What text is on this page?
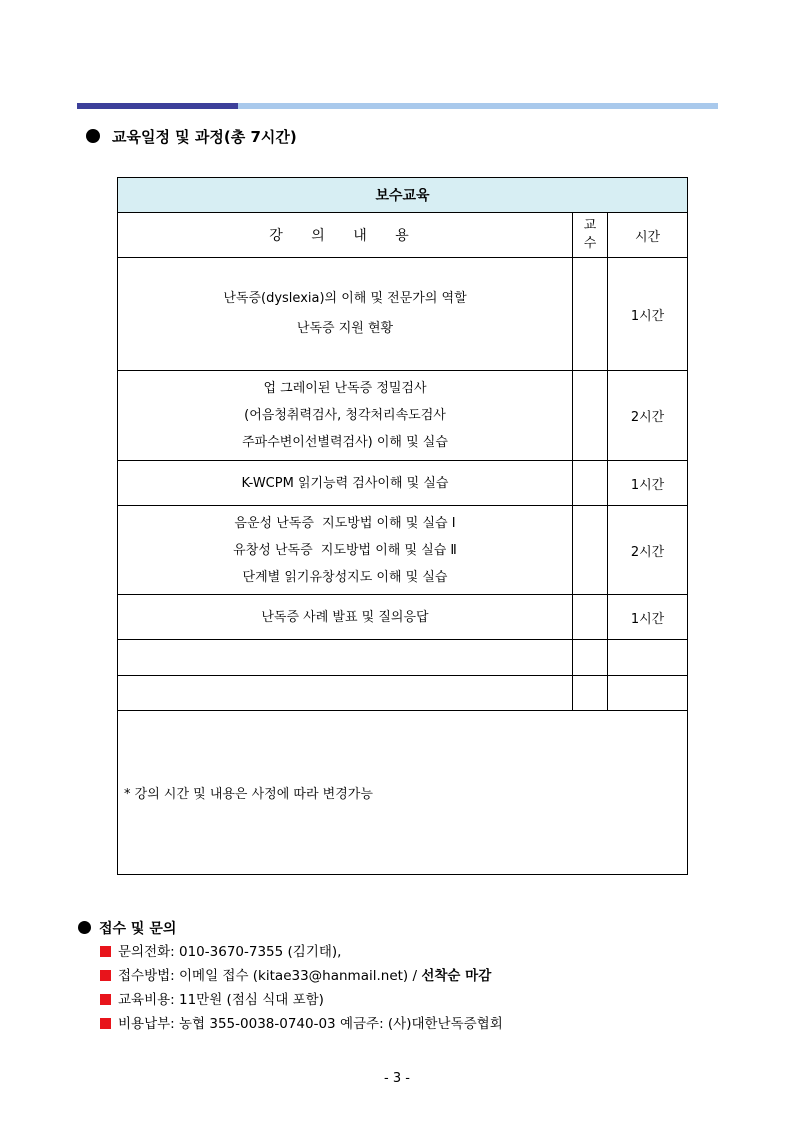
교육일정 및 과정(총 7시간)
보수교육		
강 의 내 용	교
수	시간

난독증(dyslexia)의 이해 및 전문가의 역할
난독증 지원 현황		1시간

업 그레이된 난독증 정밀검사
(어음청취력검사, 청각처리속도검사
주파수변이선별력검사) 이해 및 실습		2시간

K-WCPM 읽기능력 검사이해 및 실습		1시간

음운성 난독증  지도방법 이해 및 실습 Ⅰ
유창성 난독증  지도방법 이해 및 실습 Ⅱ
단계별 읽기유창성지도 이해 및 실습		2시간

난독증 사례 발표 및 질의응답		1시간

* 강의 시간 및 내용은 사정에 따라 변경가능		
접수 및 문의
문의전화: 010-3670-7355 (김기태),
접수방법: 이메일 접수 (kitae33@hanmail.net) / 선착순 마감
교육비용: 11만원 (점심 식대 포함)
비용납부: 농협 355-0038-0740-03 예금주: (사)대한난독증협회
- 3 -
